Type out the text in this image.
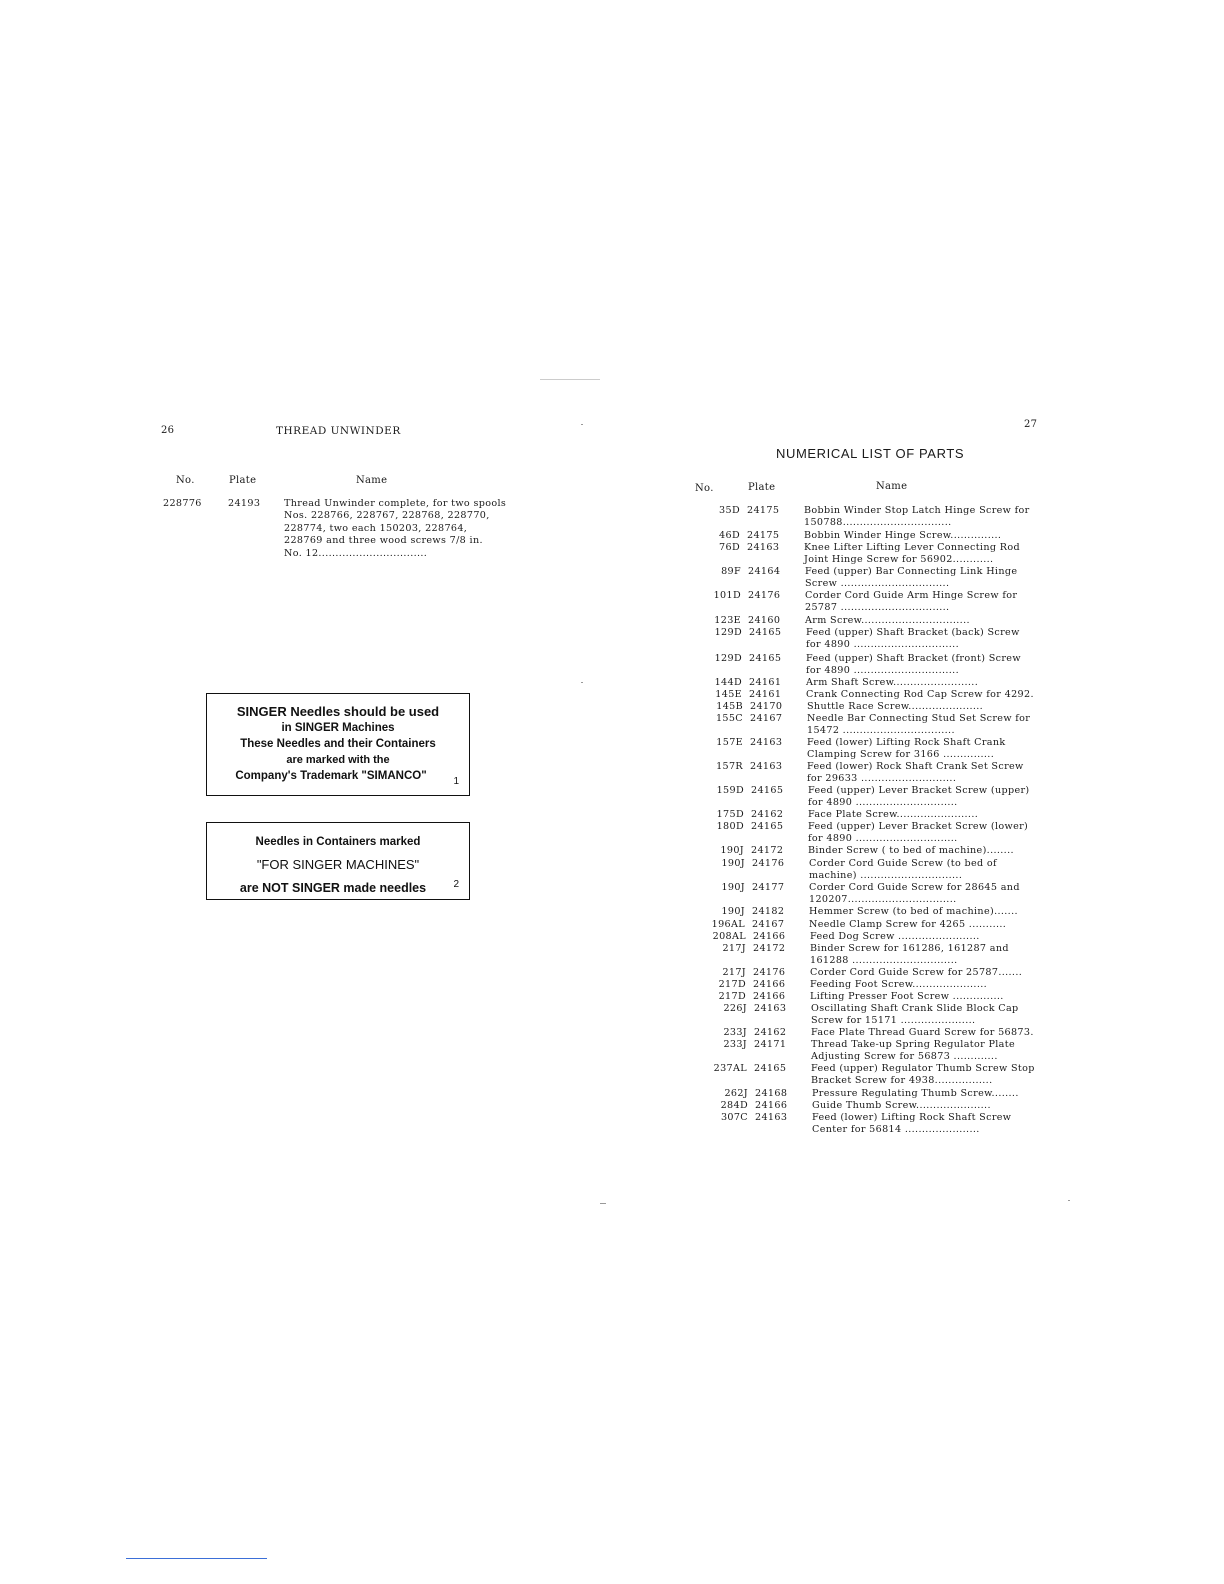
26	THREAD UNWINDER
No.	Plate	Name
228776	24193 Thread Unwinder complete, for two spools
Nos. 228766, 228767, 228768, 228770,
228774, two each 150203, 228764,
228769 and three wood screws 7/8 in.
No. 12................................
SINGER Needles should be used
in SINGER Machines
These Needles and their Containers
are marked with the
Company's Trademark "SIMANCO"	1
Needles in Containers marked
"FOR SINGER MACHINES"
are NOT SINGER made needles	2
27
NUMERICAL LIST OF PARTS
No.	Plate	Name
35D 24175	Bobbin Winder Stop Latch Hinge Screw for
150788................................
46D 24175	Bobbin Winder Hinge Screw...............
76D 24163	Knee Lifter Lifting Lever Connecting Rod
Joint Hinge Screw for 56902............
89F 24164	Feed (upper) Bar Connecting Link Hinge
Screw ................................
101D 24176	Corder Cord Guide Arm Hinge Screw for
25787 ................................
123E 24160	Arm Screw................................
129D 24165	Feed (upper) Shaft Bracket (back) Screw
for 4890 ...............................
129D 24165	Feed (upper) Shaft Bracket (front) Screw
for 4890 ...............................
144D 24161	Arm Shaft Screw.........................
145E 24161	Crank Connecting Rod Cap Screw for 4292.
145B 24170	Shuttle Race Screw......................
155C 24167	Needle Bar Connecting Stud Set Screw for
15472 .................................
157E 24163	Feed (lower) Lifting Rock Shaft Crank
Clamping Screw for 3166 ...............
157R 24163	Feed (lower) Rock Shaft Crank Set Screw
for 29633 ............................
159D 24165	Feed (upper) Lever Bracket Screw (upper)
for 4890 ..............................
175D 24162	Face Plate Screw........................
180D 24165	Feed (upper) Lever Bracket Screw (lower)
for 4890 ..............................
190J 24172	Binder Screw ( to bed of machine)........
190J 24176	Corder Cord Guide Screw (to bed of
machine) ..............................
190J 24177	Corder Cord Guide Screw for 28645 and
120207................................
190J 24182	Hemmer Screw (to bed of machine).......
196AL 24167	Needle Clamp Screw for 4265 ...........
208AL 24166	Feed Dog Screw ........................
217J 24172	Binder Screw for 161286, 161287 and
161288 ...............................
217J 24176	Corder Cord Guide Screw for 25787.......
217D 24166	Feeding Foot Screw......................
217D 24166	Lifting Presser Foot Screw ...............
226J 24163	Oscillating Shaft Crank Slide Block Cap
Screw for 15171 ......................
233J 24162	Face Plate Thread Guard Screw for 56873.
233J 24171	Thread Take-up Spring Regulator Plate
Adjusting Screw for 56873 .............
237AL 24165	Feed (upper) Regulator Thumb Screw Stop
Bracket Screw for 4938.................
262J 24168	Pressure Regulating Thumb Screw........
284D 24166	Guide Thumb Screw......................
307C 24163	Feed (lower) Lifting Rock Shaft Screw
Center for 56814 ......................
